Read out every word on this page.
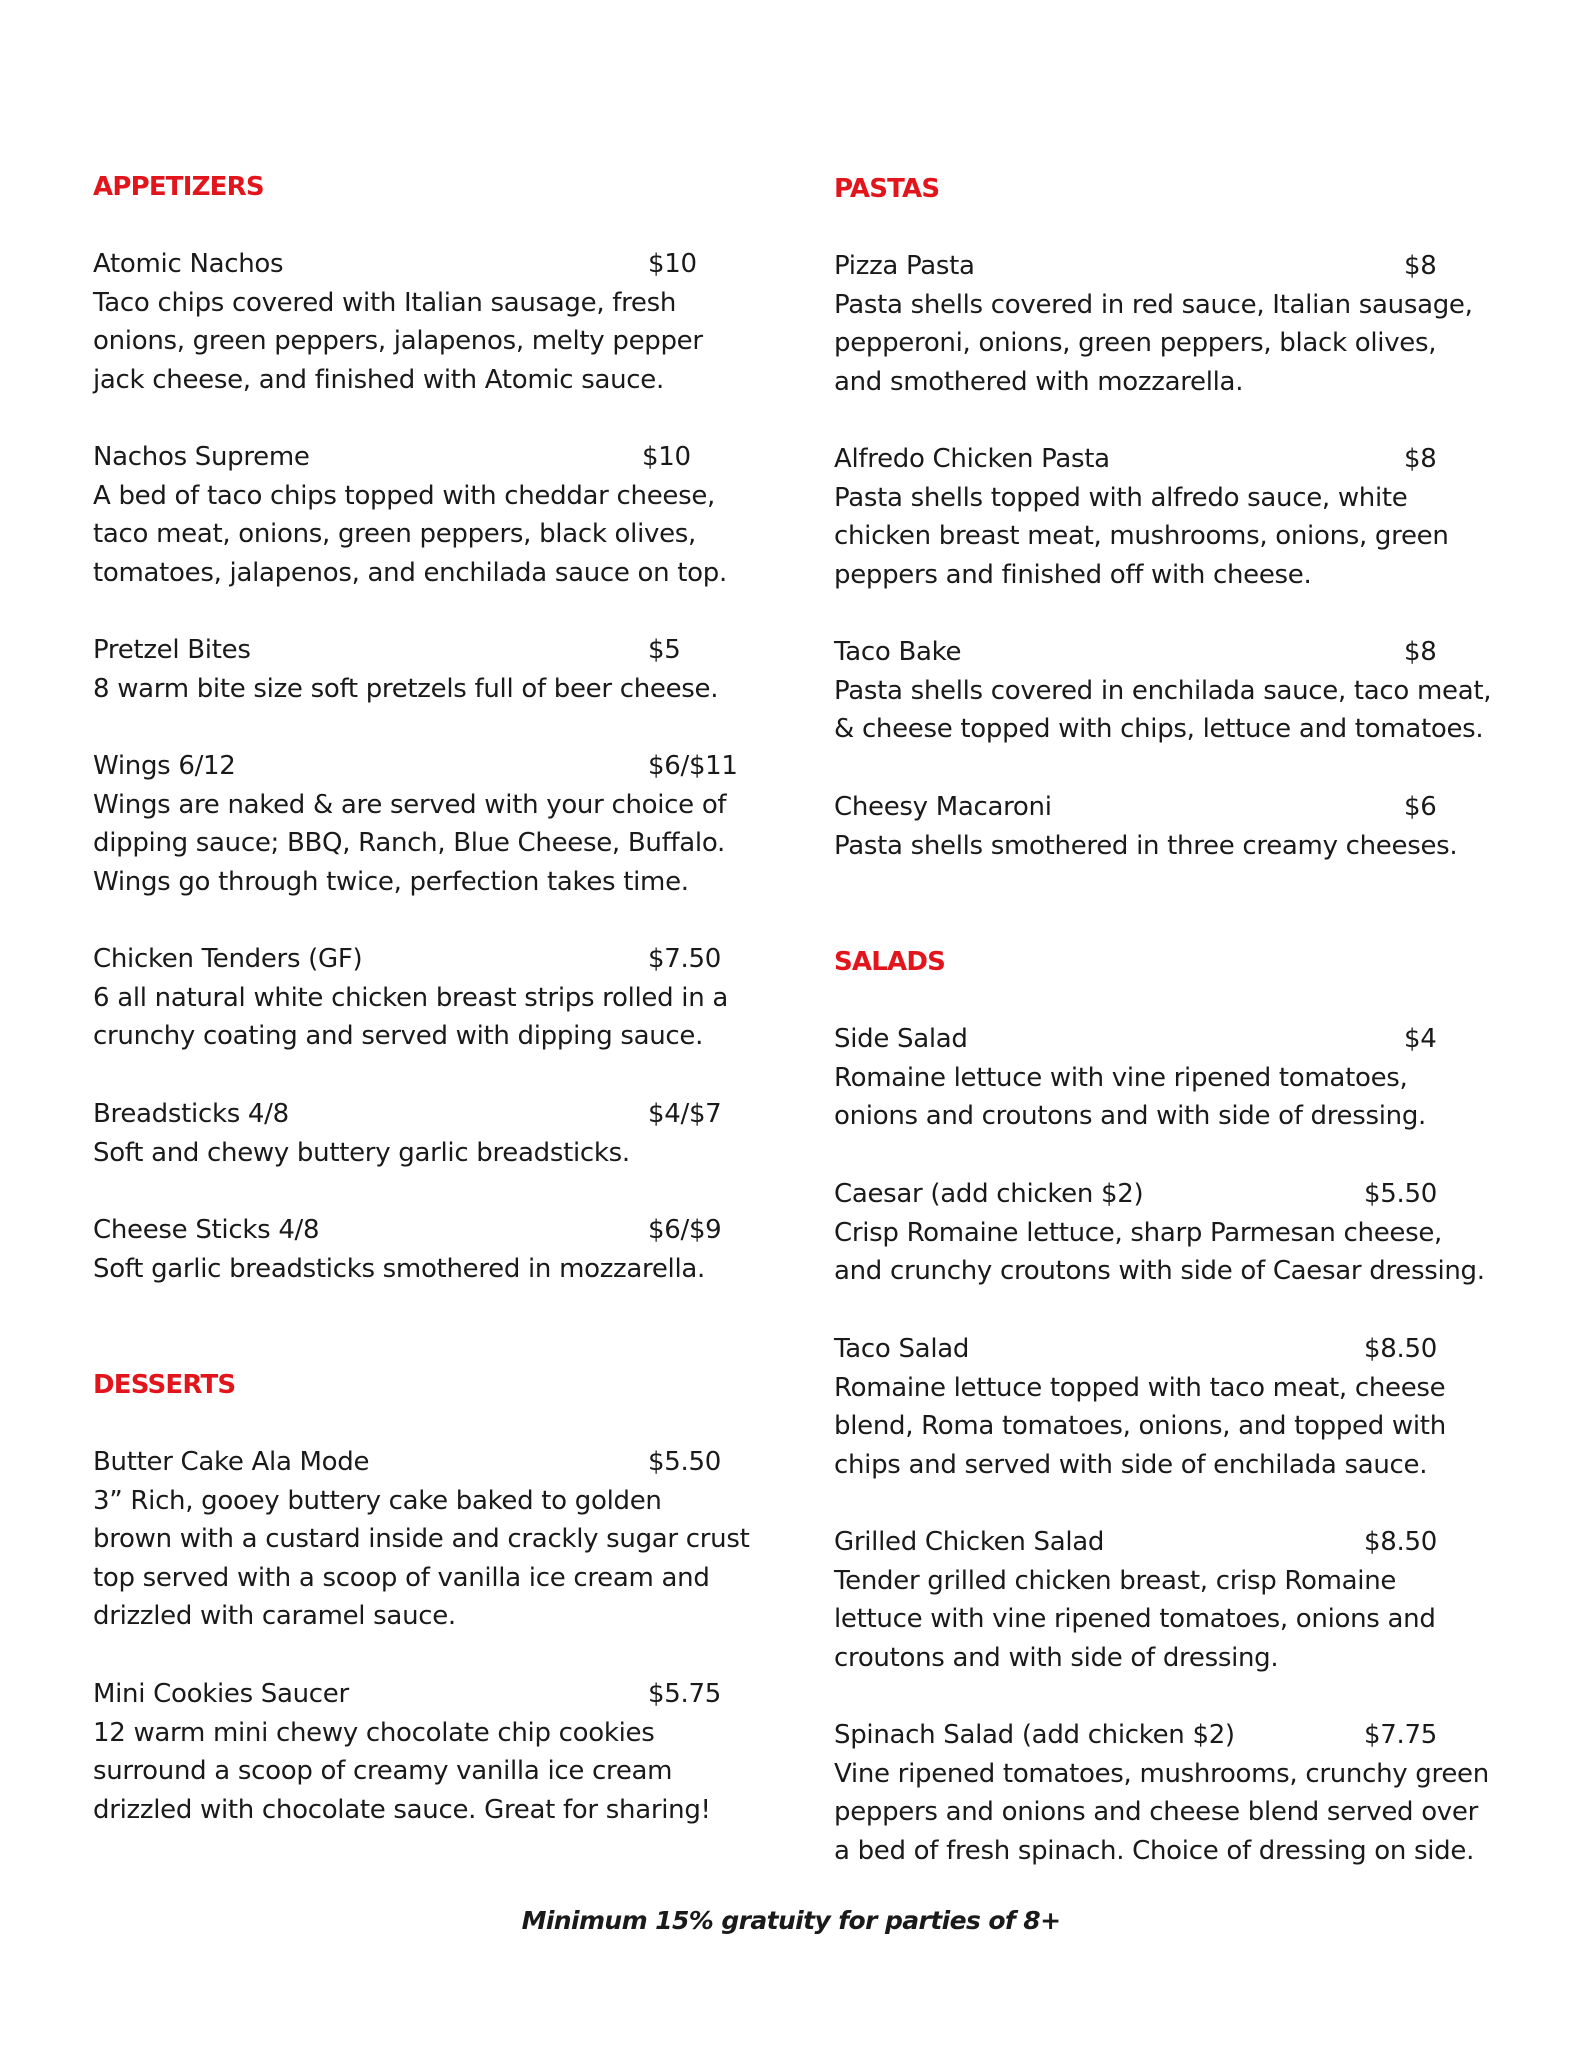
APPETIZERS
Atomic Nachos	$10
Taco chips covered with Italian sausage, fresh
onions, green peppers, jalapenos, melty pepper
jack cheese, and finished with Atomic sauce.
Nachos Supreme	$10
A bed of taco chips topped with cheddar cheese,
taco meat, onions, green peppers, black olives,
tomatoes, jalapenos, and enchilada sauce on top.
Pretzel Bites	$5
8 warm bite size soft pretzels full of beer cheese.
Wings 6/12	$6/$11
Wings are naked & are served with your choice of
dipping sauce; BBQ, Ranch, Blue Cheese, Buffalo.
Wings go through twice, perfection takes time.
Chicken Tenders (GF)	$7.50
6 all natural white chicken breast strips rolled in a
crunchy coating and served with dipping sauce.
Breadsticks 4/8	$4/$7
Soft and chewy buttery garlic breadsticks.
Cheese Sticks 4/8	$6/$9
Soft garlic breadsticks smothered in mozzarella.
DESSERTS
Butter Cake Ala Mode	$5.50
3” Rich, gooey buttery cake baked to golden
brown with a custard inside and crackly sugar crust
top served with a scoop of vanilla ice cream and
drizzled with caramel sauce.
Mini Cookies Saucer	$5.75
12 warm mini chewy chocolate chip cookies
surround a scoop of creamy vanilla ice cream
drizzled with chocolate sauce. Great for sharing!
PASTAS
Pizza Pasta	$8
Pasta shells covered in red sauce, Italian sausage,
pepperoni, onions, green peppers, black olives,
and smothered with mozzarella.
Alfredo Chicken Pasta	$8
Pasta shells topped with alfredo sauce, white
chicken breast meat, mushrooms, onions, green
peppers and finished off with cheese.
Taco Bake	$8
Pasta shells covered in enchilada sauce, taco meat,
& cheese topped with chips, lettuce and tomatoes.
Cheesy Macaroni	$6
Pasta shells smothered in three creamy cheeses.
SALADS
Side Salad	$4
Romaine lettuce with vine ripened tomatoes,
onions and croutons and with side of dressing.
Caesar (add chicken $2)	$5.50
Crisp Romaine lettuce, sharp Parmesan cheese,
and crunchy croutons with side of Caesar dressing.
Taco Salad	$8.50
Romaine lettuce topped with taco meat, cheese
blend, Roma tomatoes, onions, and topped with
chips and served with side of enchilada sauce.
Grilled Chicken Salad	$8.50
Tender grilled chicken breast, crisp Romaine
lettuce with vine ripened tomatoes, onions and
croutons and with side of dressing.
Spinach Salad (add chicken $2)	$7.75
Vine ripened tomatoes, mushrooms, crunchy green
peppers and onions and cheese blend served over
a bed of fresh spinach. Choice of dressing on side.
Minimum 15% gratuity for parties of 8+
